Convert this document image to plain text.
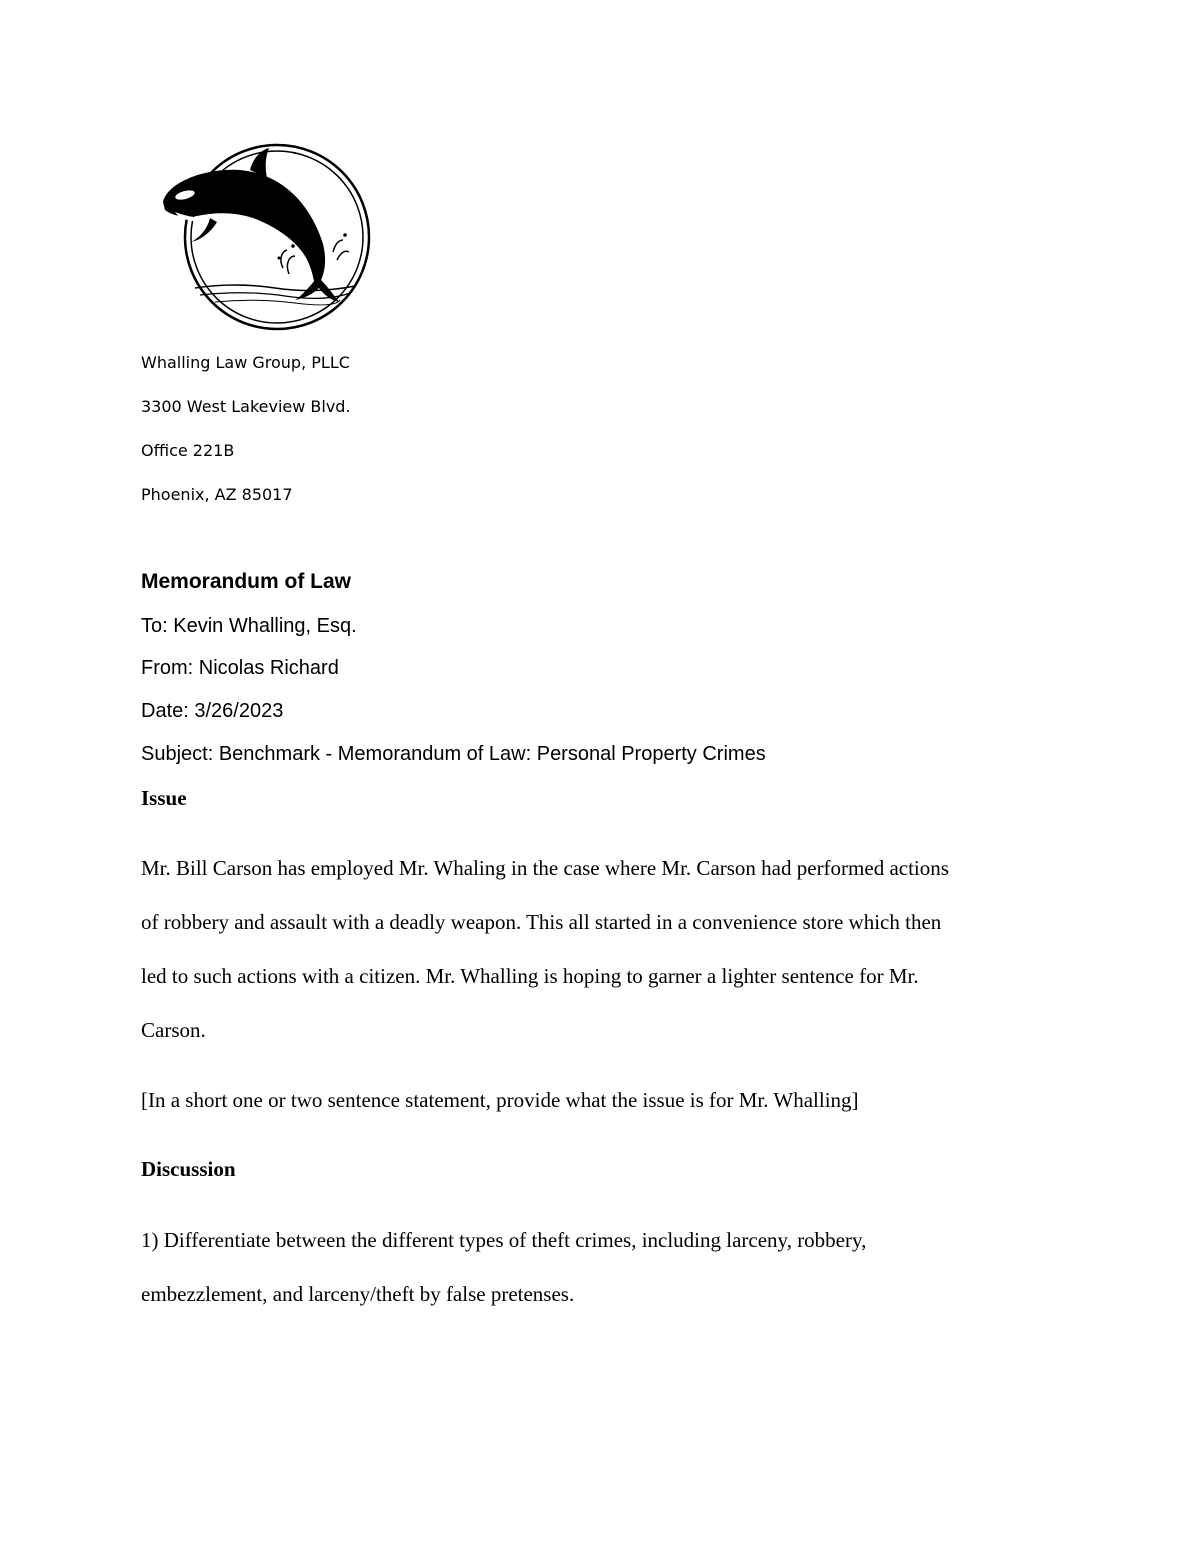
Whalling Law Group, PLLC
3300 West Lakeview Blvd.
Office 221B
Phoenix, AZ 85017
Memorandum of Law
To: Kevin Whalling, Esq.
From: Nicolas Richard
Date: 3/26/2023
Subject: Benchmark - Memorandum of Law: Personal Property Crimes
Issue
Mr. Bill Carson has employed Mr. Whaling in the case where Mr. Carson had performed actions
of robbery and assault with a deadly weapon. This all started in a convenience store which then
led to such actions with a citizen. Mr. Whalling is hoping to garner a lighter sentence for Mr.
Carson.
[In a short one or two sentence statement, provide what the issue is for Mr. Whalling]
Discussion
1) Differentiate between the different types of theft crimes, including larceny, robbery,
embezzlement, and larceny/theft by false pretenses.
